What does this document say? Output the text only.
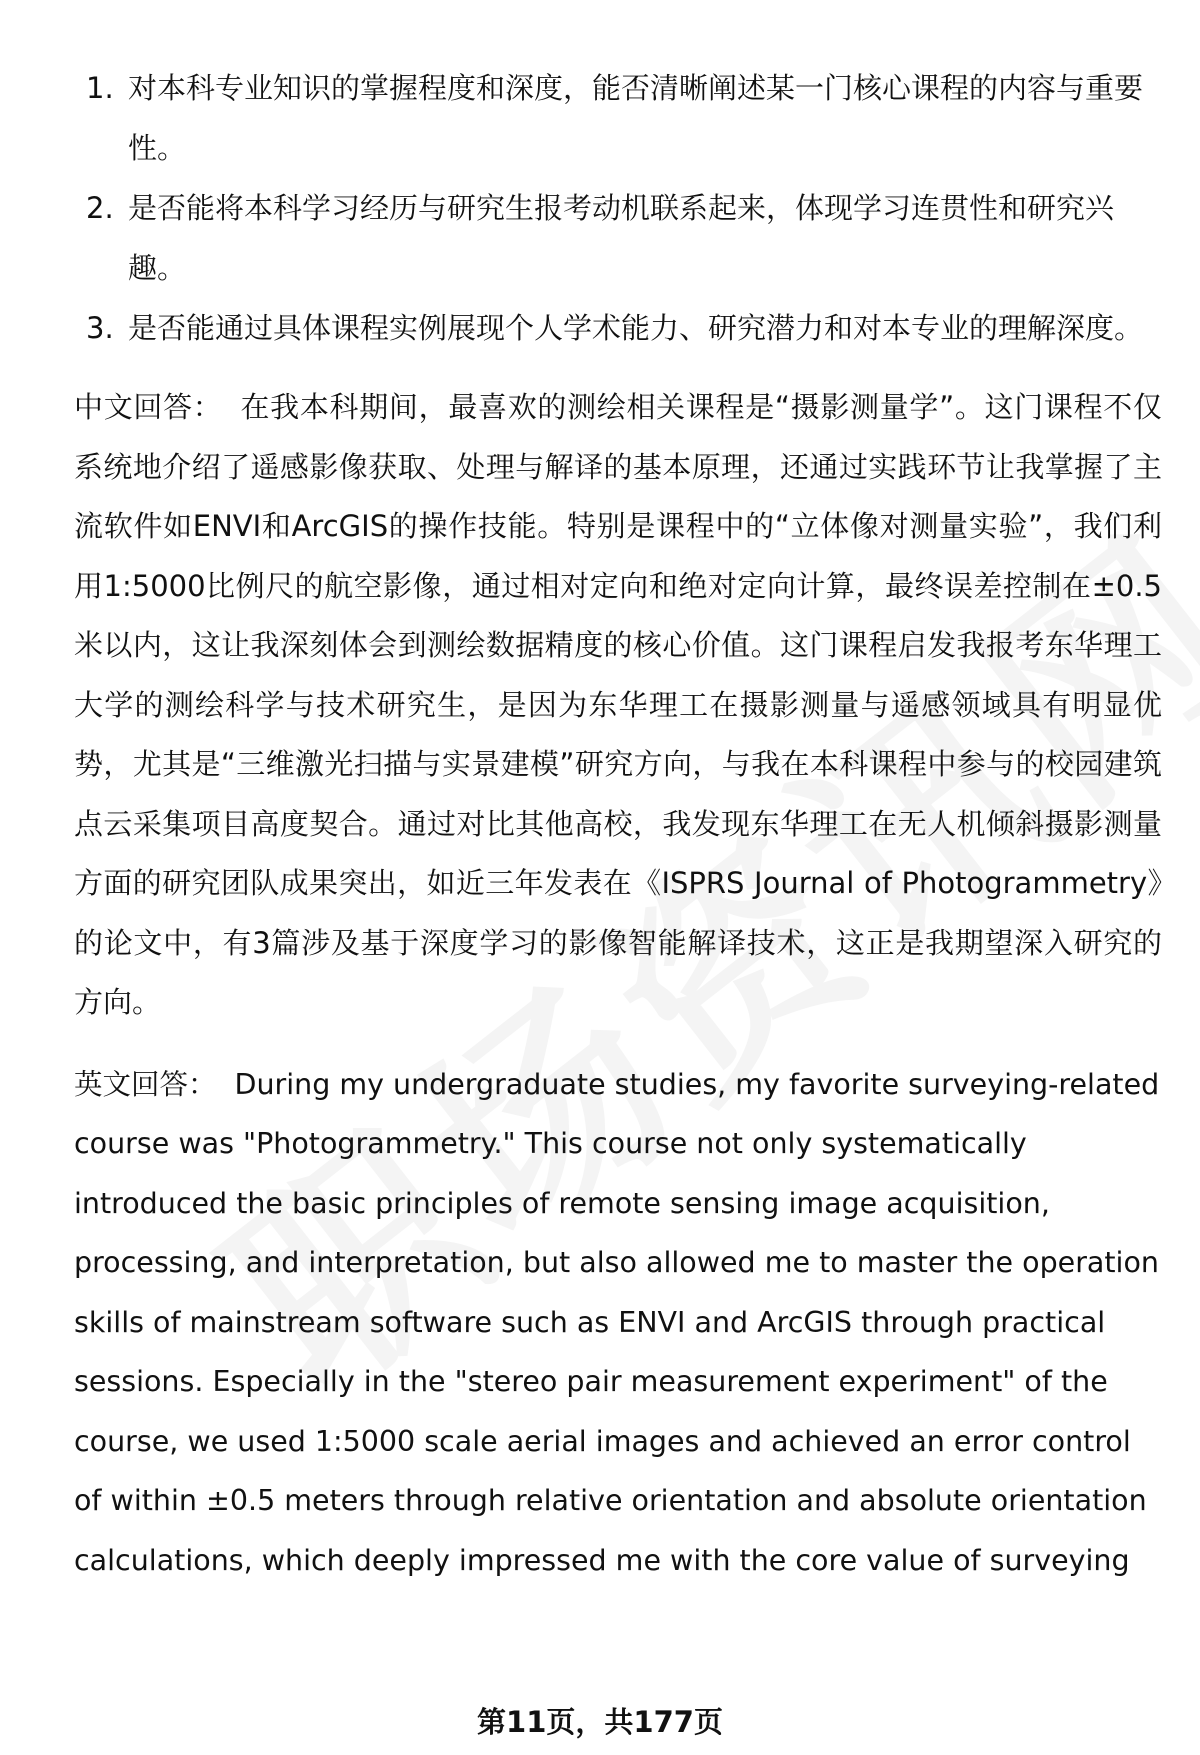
1. 对本科专业知识的掌握程度和深度，能否清晰阐述某一门核心课程的内容与重要性。
2. 是否能将本科学习经历与研究生报考动机联系起来，体现学习连贯性和研究兴趣。
3. 是否能通过具体课程实例展现个人学术能力、研究潜力和对本专业的理解深度。

中文回答： 在我本科期间，最喜欢的测绘相关课程是“摄影测量学”。这门课程不仅系统地介绍了遥感影像获取、处理与解译的基本原理，还通过实践环节让我掌握了主流软件如ENVI和ArcGIS的操作技能。特别是课程中的“立体像对测量实验”，我们利用1:5000比例尺的航空影像，通过相对定向和绝对定向计算，最终误差控制在±0.5米以内，这让我深刻体会到测绘数据精度的核心价值。这门课程启发我报考东华理工大学的测绘科学与技术研究生，是因为东华理工在摄影测量与遥感领域具有明显优势，尤其是“三维激光扫描与实景建模”研究方向，与我在本科课程中参与的校园建筑点云采集项目高度契合。通过对比其他高校，我发现东华理工在无人机倾斜摄影测量方面的研究团队成果突出，如近三年发表在《ISPRS Journal of Photogrammetry》的论文中，有3篇涉及基于深度学习的影像智能解译技术，这正是我期望深入研究的方向。

英文回答： During my undergraduate studies, my favorite surveying-related course was "Photogrammetry." This course not only systematically introduced the basic principles of remote sensing image acquisition, processing, and interpretation, but also allowed me to master the operation skills of mainstream software such as ENVI and ArcGIS through practical sessions. Especially in the "stereo pair measurement experiment" of the course, we used 1:5000 scale aerial images and achieved an error control of within ±0.5 meters through relative orientation and absolute orientation calculations, which deeply impressed me with the core value of surveying

第11页，共177页
